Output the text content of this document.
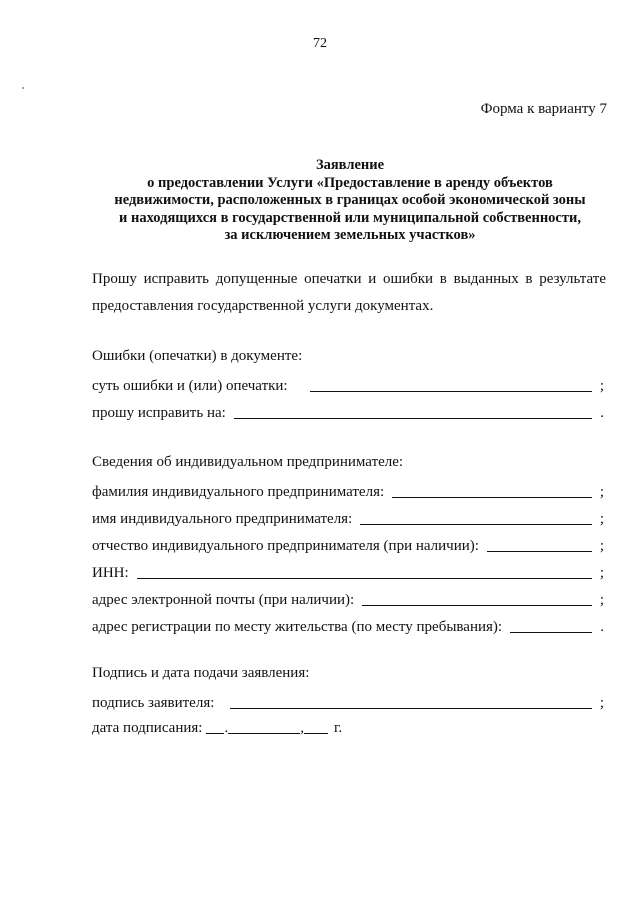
72
Форма к варианту 7
Заявление
о предоставлении Услуги «Предоставление в аренду объектов
недвижимости, расположенных в границах особой экономической зоны
и находящихся в государственной или муниципальной собственности,
за исключением земельных участков»
Прошу исправить допущенные опечатки и ошибки в выданных в результате
предоставления государственной услуги документах.
Ошибки (опечатки) в документе:
суть ошибки и (или) опечатки:	;
прошу исправить на:	.
Сведения об индивидуальном предпринимателе:
фамилия индивидуального предпринимателя:	;
имя индивидуального предпринимателя:	;
отчество индивидуального предпринимателя (при наличии):	;
ИНН:	;
адрес электронной почты (при наличии):	;
адрес регистрации по месту жительства (по месту пребывания):	.
Подпись и дата подачи заявления:
подпись заявителя:	;
дата подписания: .	, г.
